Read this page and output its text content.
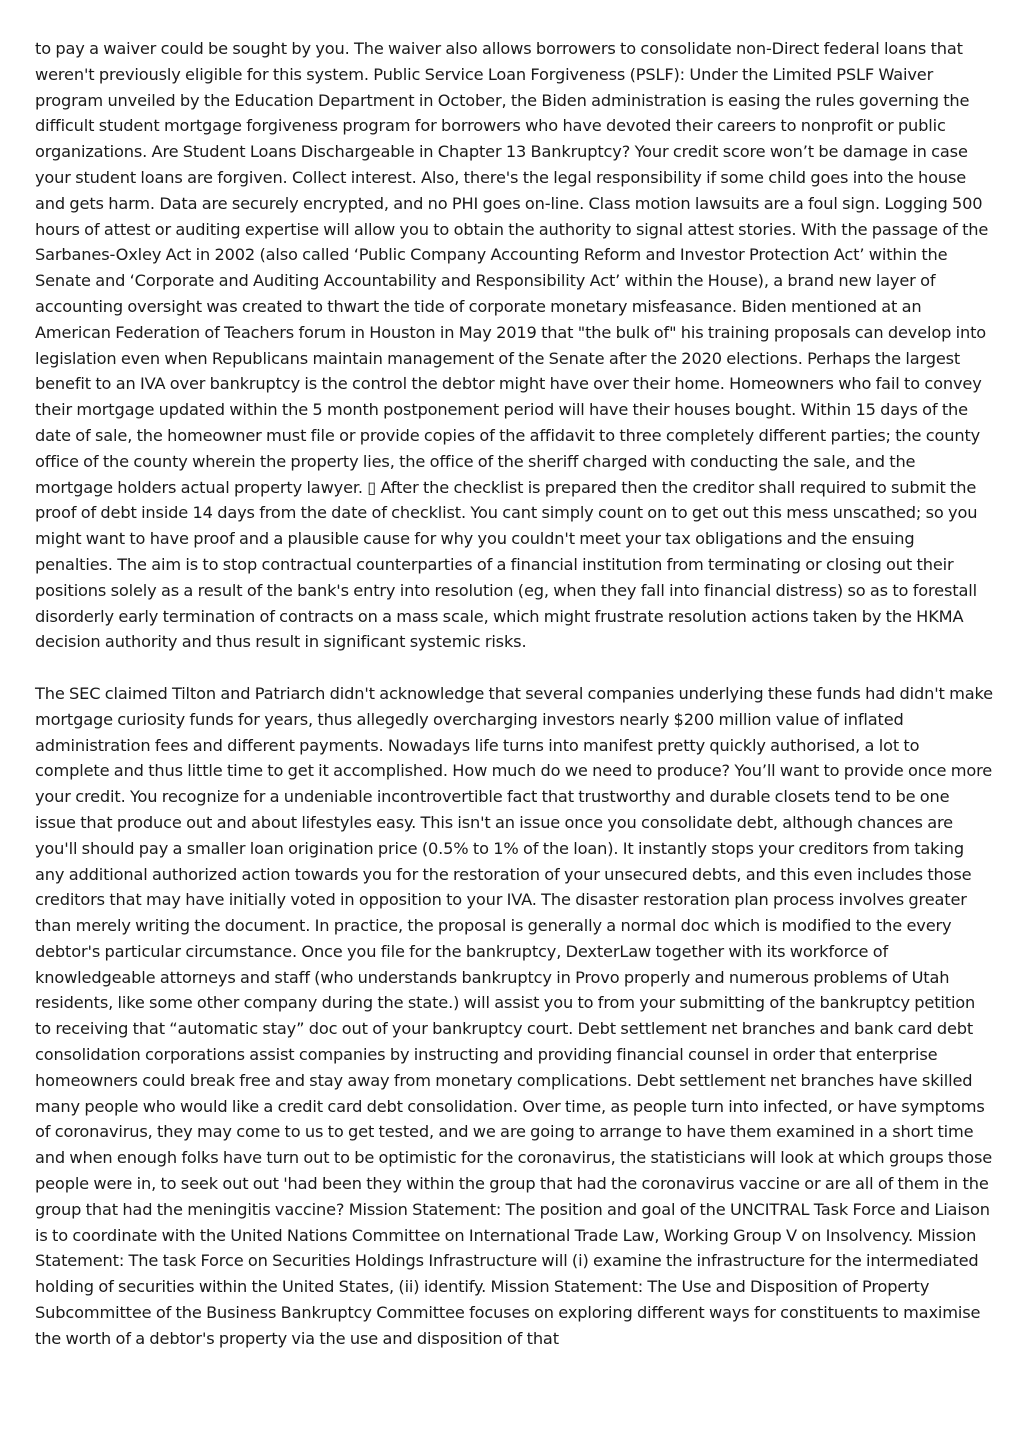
to pay a waiver could be sought by you. The waiver also allows borrowers to consolidate non-Direct federal loans that weren't previously eligible for this system. Public Service Loan Forgiveness (PSLF): Under the Limited PSLF Waiver program unveiled by the Education Department in October, the Biden administration is easing the rules governing the difficult student mortgage forgiveness program for borrowers who have devoted their careers to nonprofit or public organizations. Are Student Loans Dischargeable in Chapter 13 Bankruptcy? Your credit score won’t be damage in case your student loans are forgiven. Collect interest. Also, there's the legal responsibility if some child goes into the house and gets harm. Data are securely encrypted, and no PHI goes on-line. Class motion lawsuits are a foul sign. Logging 500 hours of attest or auditing expertise will allow you to obtain the authority to signal attest stories. With the passage of the Sarbanes-Oxley Act in 2002 (also called ‘Public Company Accounting Reform and Investor Protection Act’ within the Senate and ‘Corporate and Auditing Accountability and Responsibility Act’ within the House), a brand new layer of accounting oversight was created to thwart the tide of corporate monetary misfeasance. Biden mentioned at an American Federation of Teachers forum in Houston in May 2019 that "the bulk of" his training proposals can develop into legislation even when Republicans maintain management of the Senate after the 2020 elections. Perhaps the largest benefit to an IVA over bankruptcy is the control the debtor might have over their home. Homeowners who fail to convey their mortgage updated within the 5 month postponement period will have their houses bought. Within 15 days of the date of sale, the homeowner must file or provide copies of the affidavit to three completely different parties; the county office of the county wherein the property lies, the office of the sheriff charged with conducting the sale, and the mortgage holders actual property lawyer. ▯ After the checklist is prepared then the creditor shall required to submit the proof of debt inside 14 days from the date of checklist. You cant simply count on to get out this mess unscathed; so you might want to have proof and a plausible cause for why you couldn't meet your tax obligations and the ensuing penalties. The aim is to stop contractual counterparties of a financial institution from terminating or closing out their positions solely as a result of the bank's entry into resolution (eg, when they fall into financial distress) so as to forestall disorderly early termination of contracts on a mass scale, which might frustrate resolution actions taken by the HKMA decision authority and thus result in significant systemic risks.

The SEC claimed Tilton and Patriarch didn't acknowledge that several companies underlying these funds had didn't make mortgage curiosity funds for years, thus allegedly overcharging investors nearly $200 million value of inflated administration fees and different payments. Nowadays life turns into manifest pretty quickly authorised, a lot to complete and thus little time to get it accomplished. How much do we need to produce? You’ll want to provide once more your credit. You recognize for a undeniable incontrovertible fact that trustworthy and durable closets tend to be one issue that produce out and about lifestyles easy. This isn't an issue once you consolidate debt, although chances are you'll should pay a smaller loan origination price (0.5% to 1% of the loan). It instantly stops your creditors from taking any additional authorized action towards you for the restoration of your unsecured debts, and this even includes those creditors that may have initially voted in opposition to your IVA. The disaster restoration plan process involves greater than merely writing the document. In practice, the proposal is generally a normal doc which is modified to the every debtor's particular circumstance. Once you file for the bankruptcy, DexterLaw together with its workforce of knowledgeable attorneys and staff (who understands bankruptcy in Provo properly and numerous problems of Utah residents, like some other company during the state.) will assist you to from your submitting of the bankruptcy petition to receiving that “automatic stay” doc out of your bankruptcy court. Debt settlement net branches and bank card debt consolidation corporations assist companies by instructing and providing financial counsel in order that enterprise homeowners could break free and stay away from monetary complications. Debt settlement net branches have skilled many people who would like a credit card debt consolidation. Over time, as people turn into infected, or have symptoms of coronavirus, they may come to us to get tested, and we are going to arrange to have them examined in a short time and when enough folks have turn out to be optimistic for the coronavirus, the statisticians will look at which groups those people were in, to seek out out 'had been they within the group that had the coronavirus vaccine or are all of them in the group that had the meningitis vaccine? Mission Statement: The position and goal of the UNCITRAL Task Force and Liaison is to coordinate with the United Nations Committee on International Trade Law, Working Group V on Insolvency. Mission Statement: The task Force on Securities Holdings Infrastructure will (i) examine the infrastructure for the intermediated holding of securities within the United States, (ii) identify. Mission Statement: The Use and Disposition of Property Subcommittee of the Business Bankruptcy Committee focuses on exploring different ways for constituents to maximise the worth of a debtor's property via the use and disposition of that
